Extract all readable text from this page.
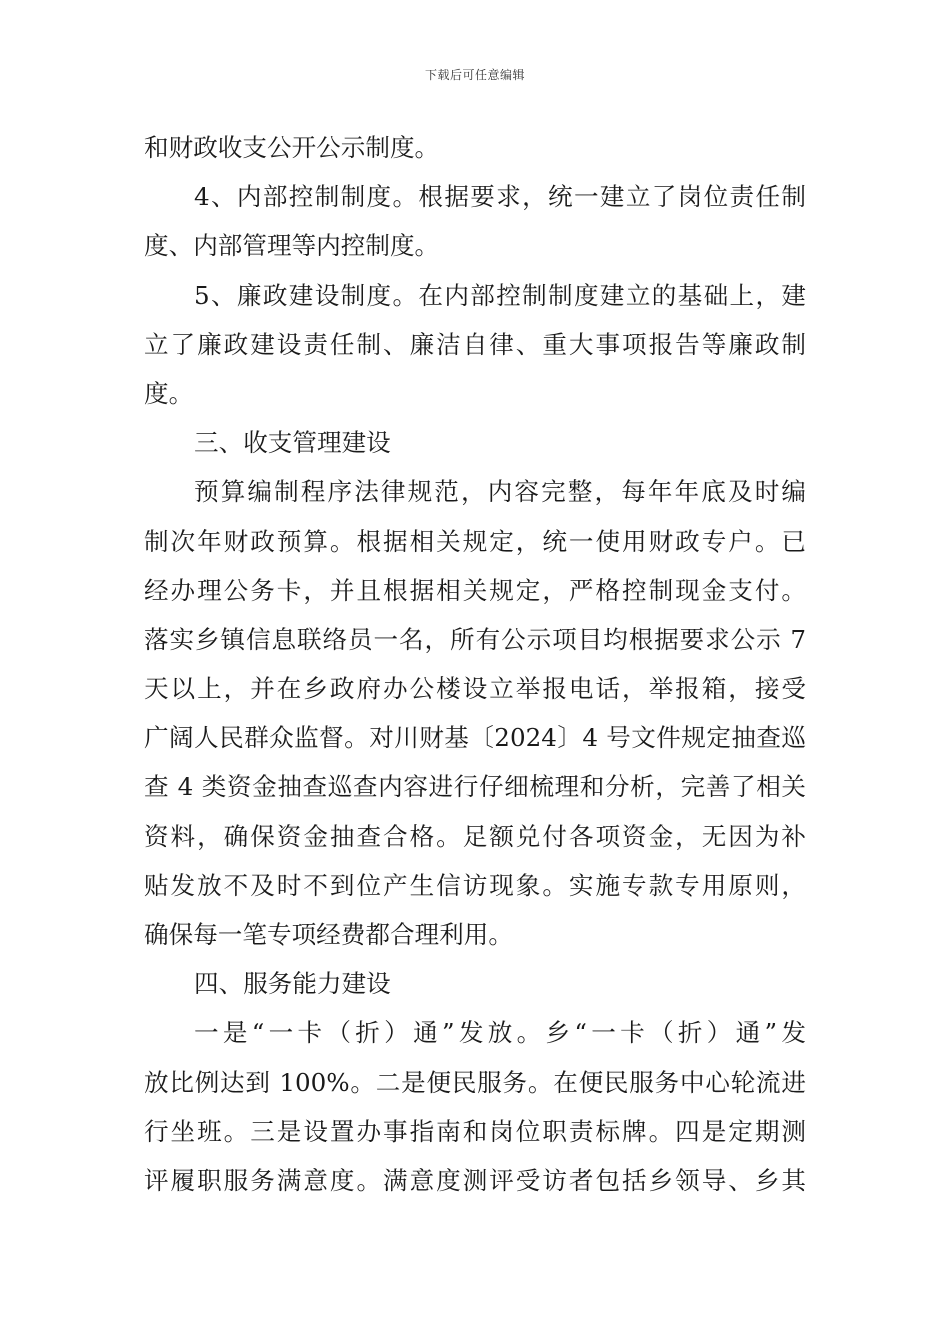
下载后可任意编辑
和财政收支公开公示制度。
4、内部控制制度。根据要求，统一建立了岗位责任制
度、内部管理等内控制度。
5、廉政建设制度。在内部控制制度建立的基础上，建
立了廉政建设责任制、廉洁自律、重大事项报告等廉政制
度。
三、收支管理建设
预算编制程序法律规范，内容完整，每年年底及时编
制次年财政预算。根据相关规定，统一使用财政专户。已
经办理公务卡，并且根据相关规定，严格控制现金支付。
落实乡镇信息联络员一名，所有公示项目均根据要求公示 7
天以上，并在乡政府办公楼设立举报电话，举报箱，接受
广阔人民群众监督。对川财基〔2024〕4 号文件规定抽查巡
查 4 类资金抽查巡查内容进行仔细梳理和分析，完善了相关
资料，确保资金抽查合格。足额兑付各项资金，无因为补
贴发放不及时不到位产生信访现象。实施专款专用原则，
确保每一笔专项经费都合理利用。
四、服务能力建设
一是“一卡（折）通”发放。乡“一卡（折）通”发
放比例达到 100%。二是便民服务。在便民服务中心轮流进
行坐班。三是设置办事指南和岗位职责标牌。四是定期测
评履职服务满意度。满意度测评受访者包括乡领导、乡其
